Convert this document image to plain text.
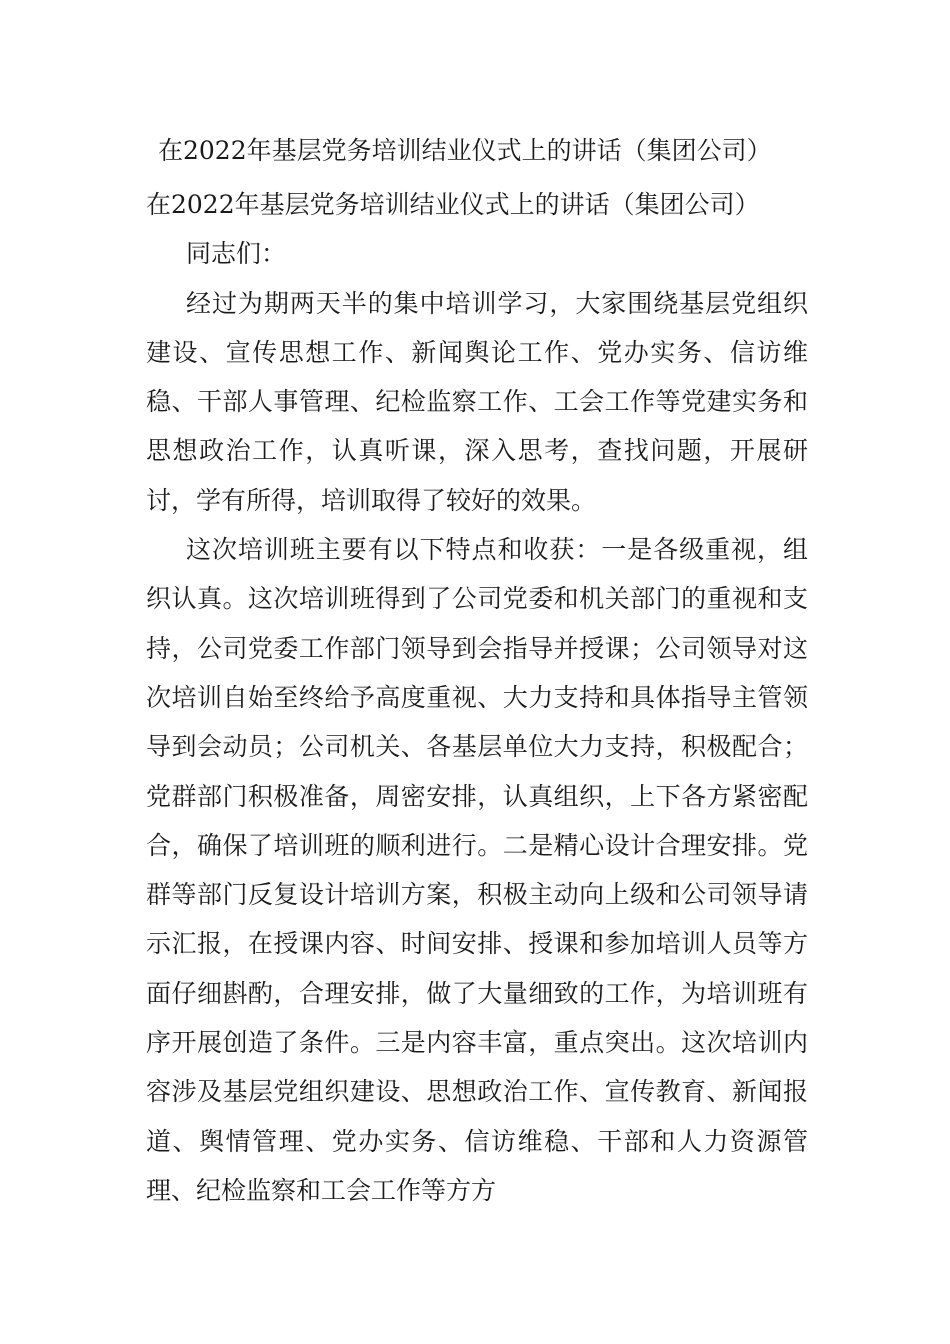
在2022年基层党务培训结业仪式上的讲话（集团公司）

在2022年基层党务培训结业仪式上的讲话（集团公司）

同志们：

经过为期两天半的集中培训学习，大家围绕基层党组织建设、宣传思想工作、新闻舆论工作、党办实务、信访维稳、干部人事管理、纪检监察工作、工会工作等党建实务和思想政治工作，认真听课，深入思考，查找问题，开展研讨，学有所得，培训取得了较好的效果。

这次培训班主要有以下特点和收获：一是各级重视，组织认真。这次培训班得到了公司党委和机关部门的重视和支持，公司党委工作部门领导到会指导并授课；公司领导对这次培训自始至终给予高度重视、大力支持和具体指导主管领导到会动员；公司机关、各基层单位大力支持，积极配合；党群部门积极准备，周密安排，认真组织，上下各方紧密配合，确保了培训班的顺利进行。二是精心设计合理安排。党群等部门反复设计培训方案，积极主动向上级和公司领导请示汇报，在授课内容、时间安排、授课和参加培训人员等方面仔细斟酌，合理安排，做了大量细致的工作，为培训班有序开展创造了条件。三是内容丰富，重点突出。这次培训内容涉及基层党组织建设、思想政治工作、宣传教育、新闻报道、舆情管理、党办实务、信访维稳、干部和人力资源管理、纪检监察和工会工作等方方
